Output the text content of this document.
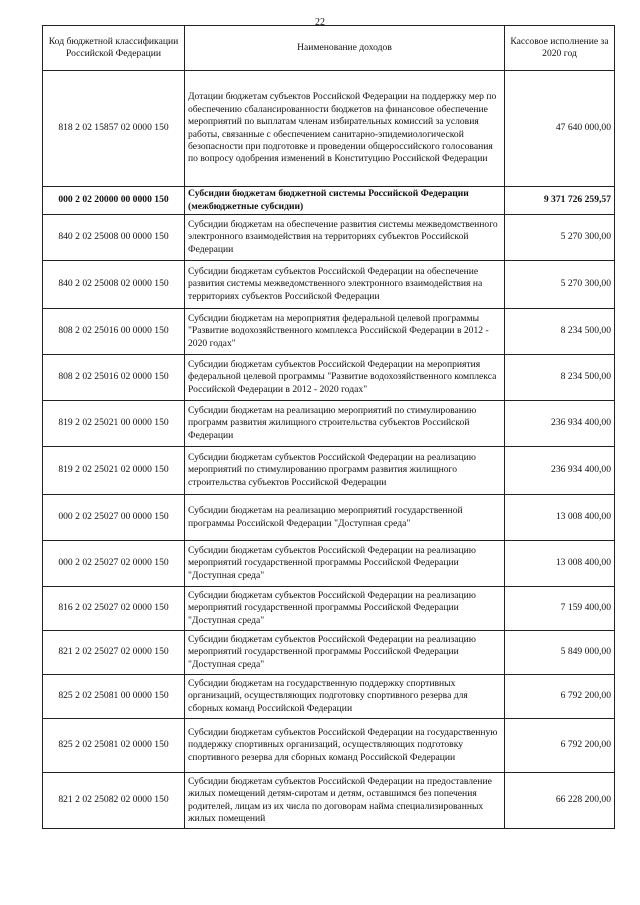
22
Код бюджетной классификации Российской Федерации	Наименование доходов	Кассовое исполнение за 2020 год
818 2 02 15857 02 0000 150	Дотации бюджетам субъектов Российской Федерации на поддержку мер по обеспечению сбалансированности бюджетов на финансовое обеспечение мероприятий по выплатам членам избирательных комиссий за условия работы, связанные с обеспечением санитарно-эпидемиологической безопасности при подготовке и проведении общероссийского голосования по вопросу одобрения изменений в Конституцию Российской Федерации	47 640 000,00
000 2 02 20000 00 0000 150	Субсидии бюджетам бюджетной системы Российской Федерации (межбюджетные субсидии)	9 371 726 259,57
840 2 02 25008 00 0000 150	Субсидии бюджетам на обеспечение развития системы межведомственного электронного взаимодействия на территориях субъектов Российской Федерации	5 270 300,00
840 2 02 25008 02 0000 150	Субсидии бюджетам субъектов Российской Федерации на обеспечение развития системы межведомственного электронного взаимодействия на территориях субъектов Российской Федерации	5 270 300,00
808 2 02 25016 00 0000 150	Субсидии бюджетам на мероприятия федеральной целевой программы "Развитие водохозяйственного комплекса Российской Федерации в 2012 - 2020 годах"	8 234 500,00
808 2 02 25016 02 0000 150	Субсидии бюджетам субъектов Российской Федерации на мероприятия федеральной целевой программы "Развитие водохозяйственного комплекса Российской Федерации в 2012 - 2020 годах"	8 234 500,00
819 2 02 25021 00 0000 150	Субсидии бюджетам на реализацию мероприятий по стимулированию программ развития жилищного строительства субъектов Российской Федерации	236 934 400,00
819 2 02 25021 02 0000 150	Субсидии бюджетам субъектов Российской Федерации на реализацию мероприятий по стимулированию программ развития жилищного строительства субъектов Российской Федерации	236 934 400,00
000 2 02 25027 00 0000 150	Субсидии бюджетам на реализацию мероприятий государственной программы Российской Федерации "Доступная среда"	13 008 400,00
000 2 02 25027 02 0000 150	Субсидии бюджетам субъектов Российской Федерации на реализацию мероприятий государственной программы Российской Федерации "Доступная среда"	13 008 400,00
816 2 02 25027 02 0000 150	Субсидии бюджетам субъектов Российской Федерации на реализацию мероприятий государственной программы Российской Федерации "Доступная среда"	7 159 400,00
821 2 02 25027 02 0000 150	Субсидии бюджетам субъектов Российской Федерации на реализацию мероприятий государственной программы Российской Федерации "Доступная среда"	5 849 000,00
825 2 02 25081 00 0000 150	Субсидии бюджетам на государственную поддержку спортивных организаций, осуществляющих подготовку спортивного резерва для сборных команд Российской Федерации	6 792 200,00
825 2 02 25081 02 0000 150	Субсидии бюджетам субъектов Российской Федерации на государственную поддержку спортивных организаций, осуществляющих подготовку спортивного резерва для сборных команд Российской Федерации	6 792 200,00
821 2 02 25082 02 0000 150	Субсидии бюджетам субъектов Российской Федерации на предоставление жилых помещений детям-сиротам и детям, оставшимся без попечения родителей, лицам из их числа по договорам найма специализированных жилых помещений	66 228 200,00
